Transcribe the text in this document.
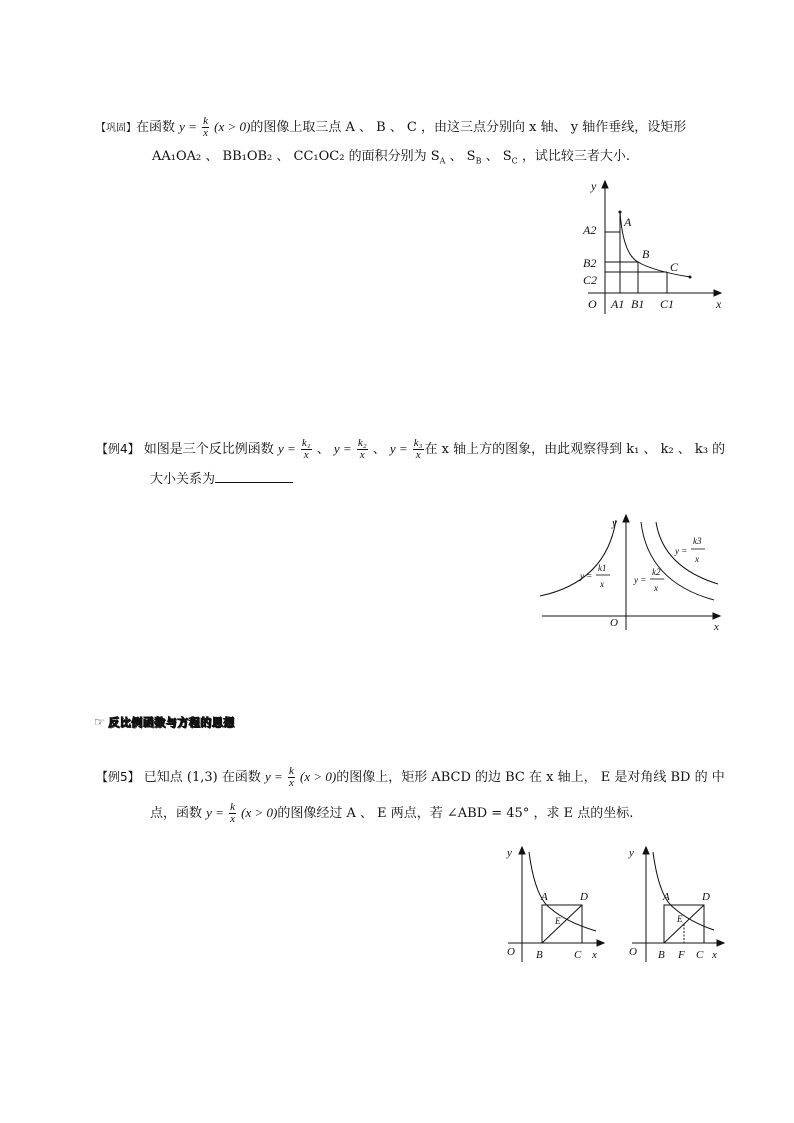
【巩固】在函数 $y = \frac{k}{x} (x > 0)$的图像上取三点 A 、 B 、 C ，由这三点分别向 x 轴、 y 轴作垂线，设矩形
AA₁OA₂ 、 BB₁OB₂ 、 CC₁OC₂ 的面积分别为 $S_A$ 、 $S_B$ 、 $S_C$ ，试比较三者大小.
y
x
O
A
B
C
A1 B1 C1
A2
B2
C2
【例4】 如图是三个反比例函数 $y = \frac{\text{k₁}}{x}$ 、 $y = \frac{\text{k₂}}{x}$ 、 $y = \frac{\text{k₃}}{x}$ 在 x 轴上方的图象，由此观察得到 k₁ 、 k₂ 、 k₃ 的
大小关系为
y =
k1
x	y =
k2
x
y =
k3
x
O	x
y
☞ 反比例函数与方程的思想
【例5】 已知点 (1,3) 在函数 $y = \frac{k}{x} (x > 0)$的图像上，矩形 ABCD 的边 BC 在 x 轴上， E 是对角线 BD 的 中
点，函数 $y = \frac{k}{x} (x > 0)$的图像经过 A 、 E 两点，若 ∠ABD = 45° ，求 E 点的坐标.
y
x
O
A	D
B	C
E
y
x
O
A	D
B F C
E
